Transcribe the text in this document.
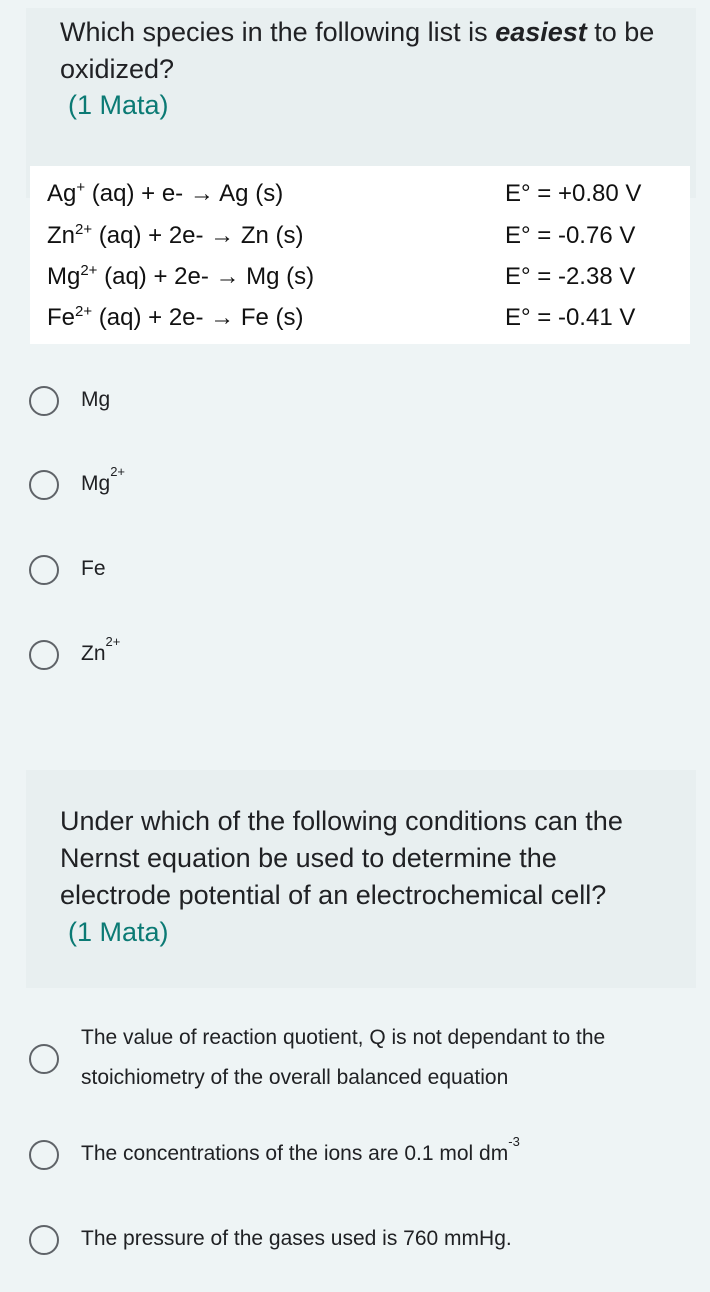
Which species in the following list is easiest to be oxidized?
(1 Mata)
Ag+ (aq) + e- → Ag (s)	E° = +0.80 V
$Zn^{2+}$ (aq) + 2e- → Zn (s)	E° = -0.76 V
$Mg^{2+}$ (aq) + 2e- → Mg (s)	E° = -2.38 V
$Fe^{2+}$ (aq) + 2e- → Fe (s)	E° = -0.41 V
Mg
$Mg^{2+}$
Fe
$Zn^{2+}$
Under which of the following conditions can the Nernst equation be used to determine the electrode potential of an electrochemical cell?
(1 Mata)
The value of reaction quotient, Q is not dependant to the stoichiometry of the overall balanced equation
The concentrations of the ions are 0.1 mol $dm^{-3}$
The pressure of the gases used is 760 mmHg.
